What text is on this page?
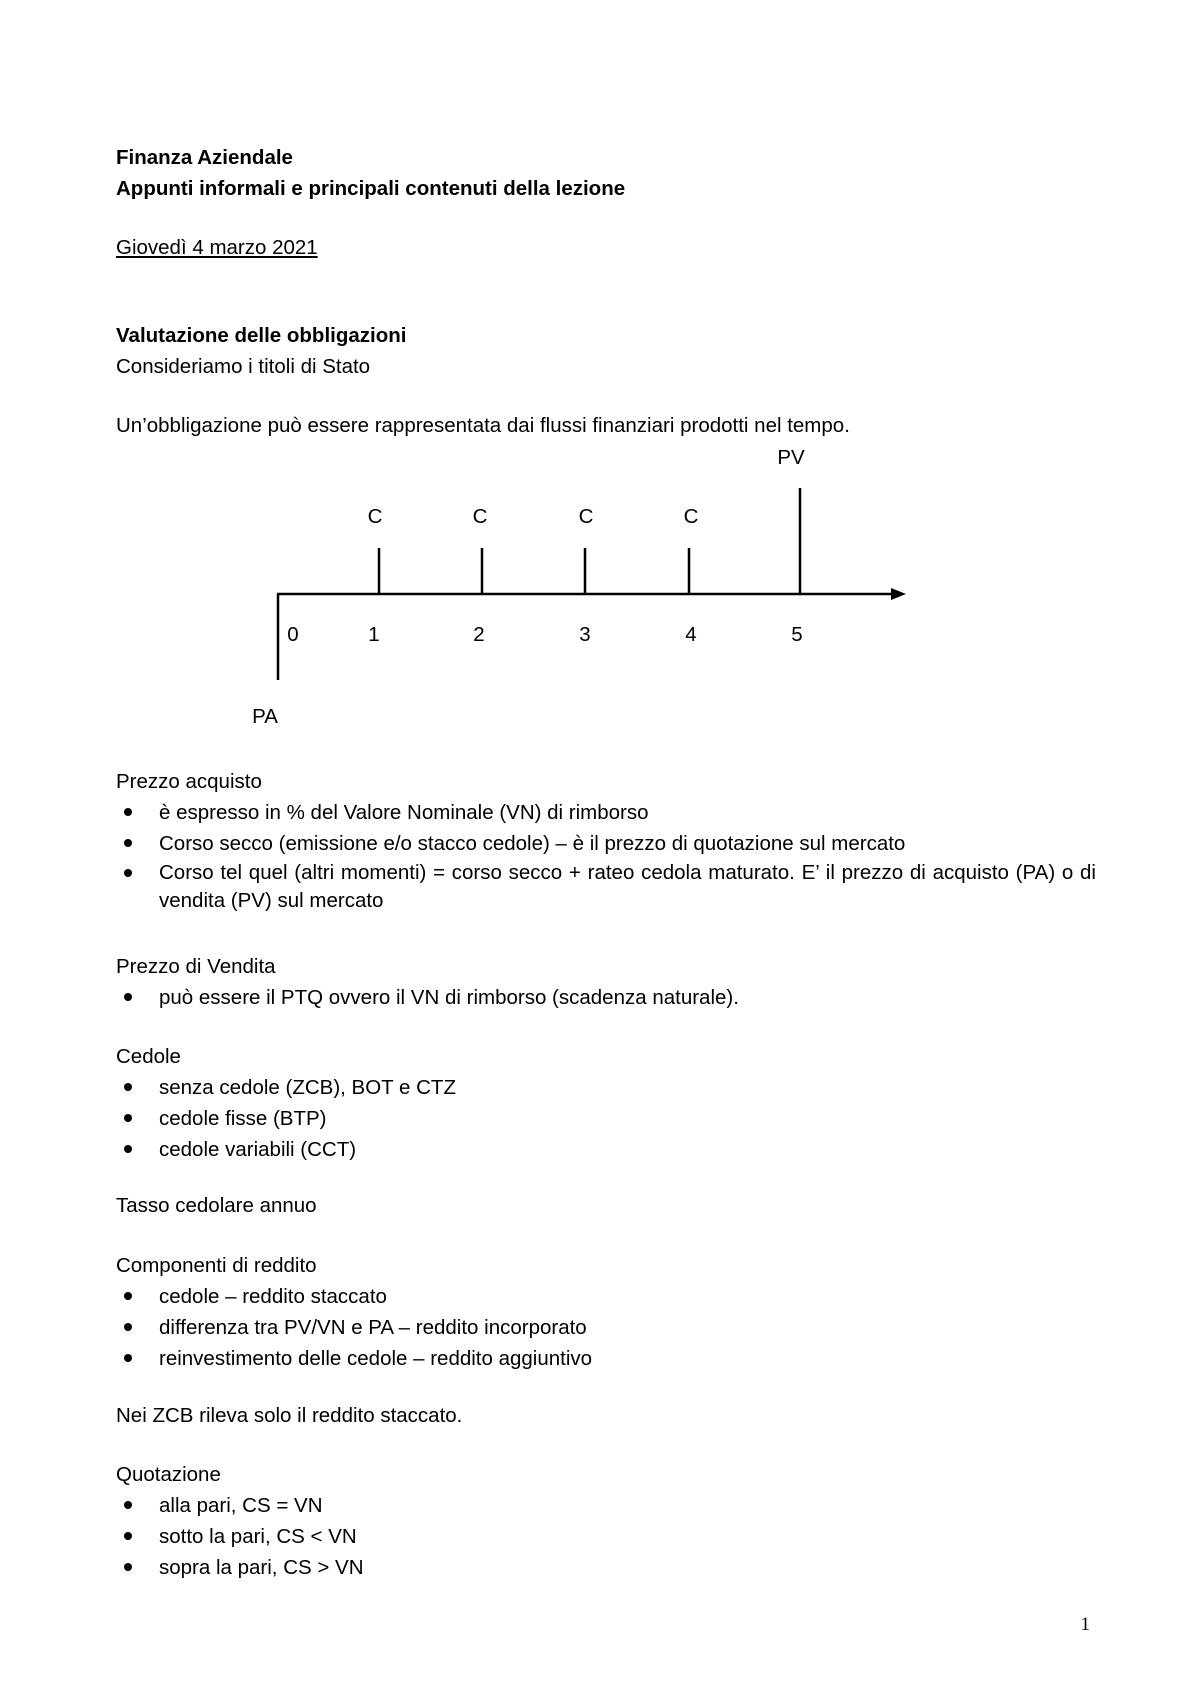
Finanza Aziendale
Appunti informali e principali contenuti della lezione
Giovedì 4 marzo 2021
Valutazione delle obbligazioni
Consideriamo i titoli di Stato
Un’obbligazione può essere rappresentata dai flussi finanziari prodotti nel tempo.
PV
C	C	C	C
0	1	2	3	4	5
PA
Prezzo acquisto
è espresso in % del Valore Nominale (VN) di rimborso
Corso secco (emissione e/o stacco cedole) – è il prezzo di quotazione sul mercato
Corso tel quel (altri momenti) = corso secco + rateo cedola maturato. E’ il prezzo di acquisto (PA) o di vendita (PV) sul mercato
Prezzo di Vendita
può essere il PTQ ovvero il VN di rimborso (scadenza naturale).
Cedole
senza cedole (ZCB), BOT e CTZ
cedole fisse (BTP)
cedole variabili (CCT)
Tasso cedolare annuo
Componenti di reddito
cedole – reddito staccato
differenza tra PV/VN e PA – reddito incorporato
reinvestimento delle cedole – reddito aggiuntivo
Nei ZCB rileva solo il reddito staccato.
Quotazione
alla pari, CS = VN
sotto la pari, CS < VN
sopra la pari, CS > VN
1
